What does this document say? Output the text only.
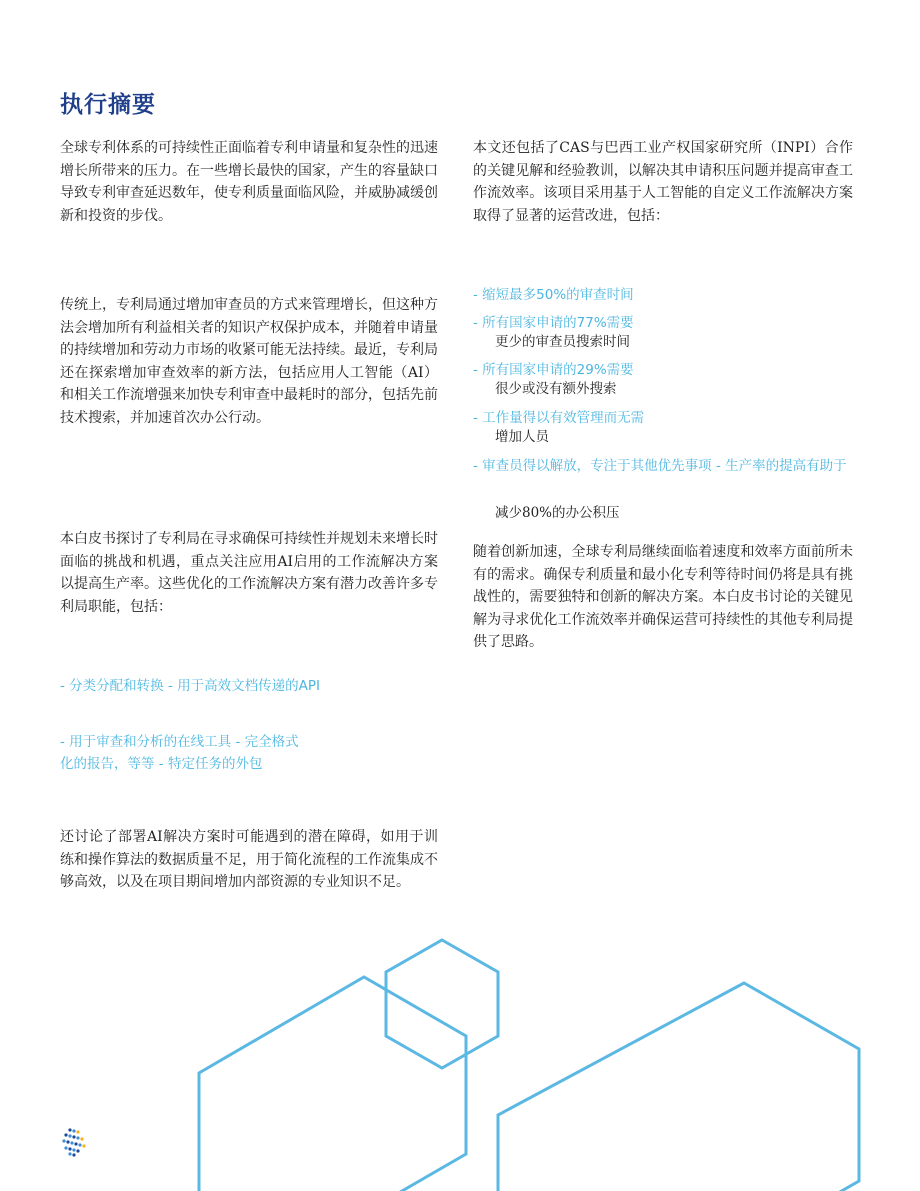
执行摘要

全球专利体系的可持续性正面临着专利申请量和复杂性的迅速增长所带来的压力。在一些增长最快的国家，产生的容量缺口导致专利审查延迟数年，使专利质量面临风险，并威胁减缓创新和投资的步伐。

传统上，专利局通过增加审查员的方式来管理增长，但这种方法会增加所有利益相关者的知识产权保护成本，并随着申请量的持续增加和劳动力市场的收紧可能无法持续。最近，专利局还在探索增加审查效率的新方法，包括应用人工智能（AI）和相关工作流增强来加快专利审查中最耗时的部分，包括先前技术搜索，并加速首次办公行动。

本白皮书探讨了专利局在寻求确保可持续性并规划未来增长时面临的挑战和机遇，重点关注应用AI启用的工作流解决方案以提高生产率。这些优化的工作流解决方案有潜力改善许多专利局职能，包括：

- 分类分配和转换 - 用于高效文档传递的API

- 用于审查和分析的在线工具 - 完全格式

化的报告，等等 - 特定任务的外包

还讨论了部署AI解决方案时可能遇到的潜在障碍，如用于训练和操作算法的数据质量不足，用于简化流程的工作流集成不够高效，以及在项目期间增加内部资源的专业知识不足。

本文还包括了CAS与巴西工业产权国家研究所（INPI）合作的关键见解和经验教训，以解决其申请积压问题并提高审查工作流效率。该项目采用基于人工智能的自定义工作流解决方案取得了显著的运营改进，包括：

- 缩短最多50%的审查时间

- 所有国家申请的77%需要

更少的审查员搜索时间

- 所有国家申请的29%需要

很少或没有额外搜索

- 工作量得以有效管理而无需

增加人员

- 审查员得以解放，专注于其他优先事项 - 生产率的提高有助于

减少80%的办公积压

随着创新加速，全球专利局继续面临着速度和效率方面前所未有的需求。确保专利质量和最小化专利等待时间仍将是具有挑战性的，需要独特和创新的解决方案。本白皮书讨论的关键见解为寻求优化工作流效率并确保运营可持续性的其他专利局提供了思路。
